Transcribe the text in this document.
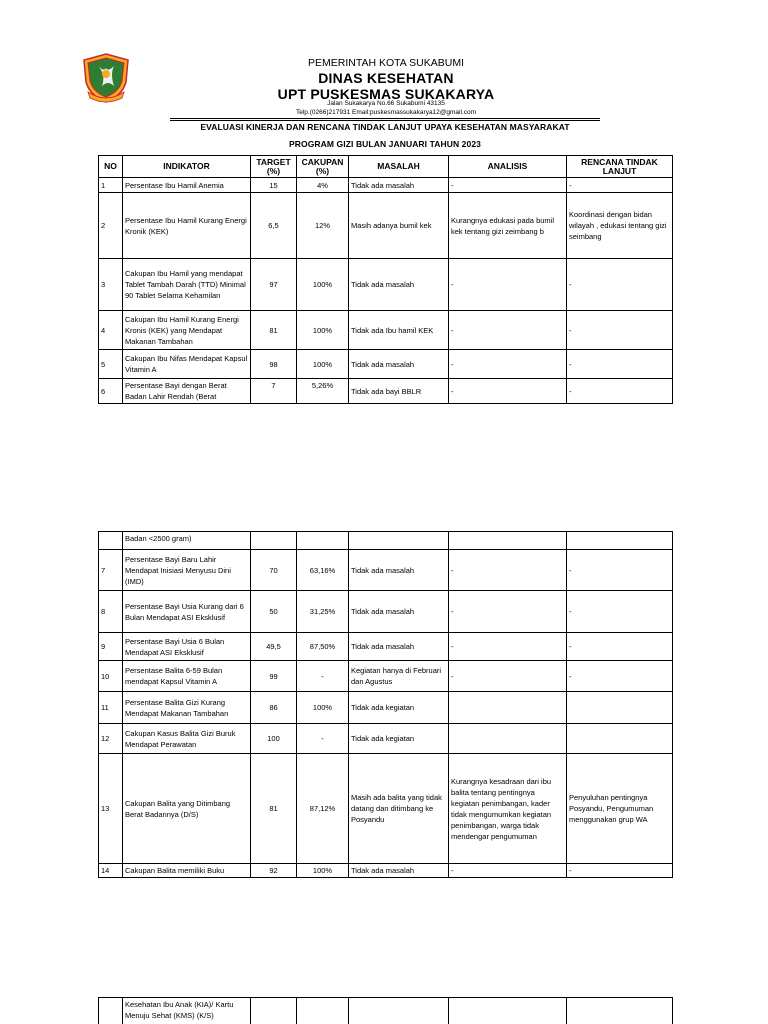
PEMERINTAH KOTA SUKABUMI
DINAS KESEHATAN
UPT PUSKESMAS SUKAKARYA
Jalan Sukakarya No.66 Sukabumi 43135
Telp.(0266)217931 Email:puskesmassukakarya12@gmail.com
EVALUASI KINERJA DAN RENCANA TINDAK LANJUT UPAYA KESEHATAN MASYARAKAT
PROGRAM GIZI BULAN JANUARI TAHUN 2023
NO	INDIKATOR	TARGET (%)	CAKUPAN (%)	MASALAH	ANALISIS	RENCANA TINDAK LANJUT
1	Persentase Ibu Hamil Anemia	15	4%	Tidak ada masalah	-	-
2	Persentase Ibu Hamil Kurang Energi Kronik (KEK)	6,5	12%	Masih adanya bumil kek	Kurangnya edukasi pada bumil kek tentang gizi zeimbang b	Koordinasi dengan bidan wilayah , edukasi tentang gizi seimbang
3	Cakupan Ibu Hamil yang mendapat Tablet Tambah Darah (TTD) Minimal 90 Tablet Selama Kehamilan	97	100%	Tidak ada masalah	-	-
4	Cakupan Ibu Hamil Kurang Energi Kronis (KEK) yang Mendapat Makanan Tambahan	81	100%	Tidak ada Ibu hamil KEK	-	-
5	Cakupan Ibu Nifas Mendapat Kapsul Vitamin A	98	100%	Tidak ada masalah	-	-
6	Persentase Bayi dengan Berat Badan Lahir Rendah (Berat	7	5,26%	Tidak ada bayi BBLR	-	-
	Badan <2500 gram)					
7	Persentase Bayi Baru Lahir Mendapat Inisiasi Menyusu Dini (IMD)	70	63,16%	Tidak ada masalah	-	-
8	Persentase Bayi Usia Kurang dari 6 Bulan Mendapat ASI Eksklusif	50	31,25%	Tidak ada masalah	-	-
9	Persentase Bayi Usia 6 Bulan Mendapat ASI Eksklusif	49,5	87,50%	Tidak ada masalah	-	-
10	Persentase Balita 6-59 Bulan mendapat Kapsul Vitamin A	99	-	Kegiatan hanya di Februari dan Agustus	-	-
11	Persentase Balita Gizi Kurang Mendapat Makanan Tambahan	86	100%	Tidak ada kegiatan		
12	Cakupan Kasus Balita Gizi Buruk Mendapat Perawatan	100	-	Tidak ada kegiatan		
13	Cakupan Balita yang Ditimbang Berat Badannya (D/S)	81	87,12%	Masih ada balita yang tidak datang dan ditimbang ke Posyandu	Kurangnya kesadraan dari ibu balita tentang pentingnya kegiatan penimbangan, kader tidak mengumumkan kegiatan penimbangan, warga tidak mendengar pengumuman	Penyuluhan pentingnya Posyandu, Pengumuman menggunakan grup WA
14	Cakupan Balita memiliki Buku	92	100%	Tidak ada masalah	-	-
	Kesehatan Ibu Anak (KIA)/ Kartu Menuju Sehat (KMS) (K/S)					
